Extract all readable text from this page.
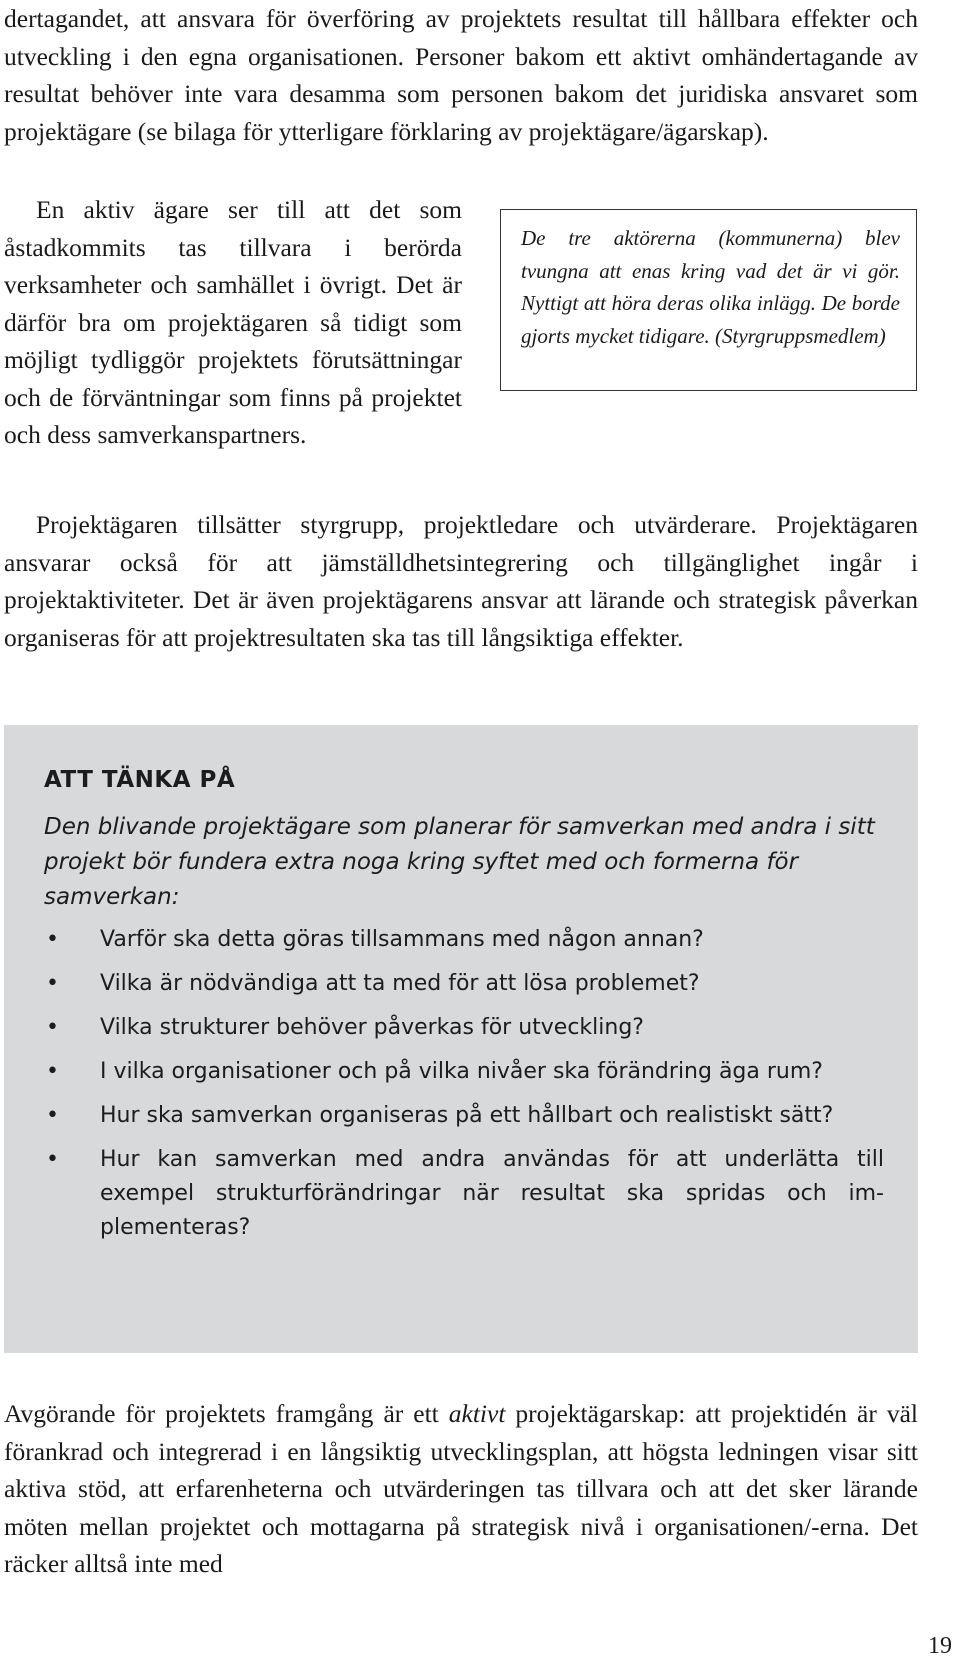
dertagandet, att ansvara för överföring av projektets resultat till hållbara effekter och utveckling i den egna organisationen. Personer bakom ett aktivt omhändertagande av resultat behöver inte vara desamma som personen bakom det juridiska ansvaret som projektägare (se bilaga för ytterligare förklaring av projektägare/ägarskap).

En aktiv ägare ser till att det som åstadkommits tas tillvara i berörda verksamheter och samhället i övrigt. Det är därför bra om projektägaren så tidigt som möjligt tydliggör projektets förutsättningar och de förväntningar som finns på projektet och dess samverkanspartners.

De tre aktörerna (kommunerna) blev tvungna att enas kring vad det är vi gör. Nyttigt att höra deras olika inlägg. De borde gjorts mycket tidigare. (Styrgruppsmedlem)

Projektägaren tillsätter styrgrupp, projektledare och utvärderare. Projektägaren ansvarar också för att jämställdhetsintegrering och tillgänglighet ingår i projektaktiviteter. Det är även projektägarens ansvar att lärande och strategisk påverkan organiseras för att projektresultaten ska tas till långsiktiga effekter.

ATT TÄNKA PÅ

Den blivande projektägare som planerar för samverkan med andra i sitt projekt bör fundera extra noga kring syftet med och formerna för samverkan:

• Varför ska detta göras tillsammans med någon annan?
• Vilka är nödvändiga att ta med för att lösa problemet?
• Vilka strukturer behöver påverkas för utveckling?
• I vilka organisationer och på vilka nivåer ska förändring äga rum?
• Hur ska samverkan organiseras på ett hållbart och realistiskt sätt?
• Hur kan samverkan med andra användas för att underlätta till exempel strukturförändringar när resultat ska spridas och implementeras?

Avgörande för projektets framgång är ett aktivt projektägarskap: att projektidén är väl förankrad och integrerad i en långsiktig utvecklingsplan, att högsta ledningen visar sitt aktiva stöd, att erfarenheterna och utvärderingen tas tillvara och att det sker lärande möten mellan projektet och mottagarna på strategisk nivå i organisationen/-erna. Det räcker alltså inte med

19
